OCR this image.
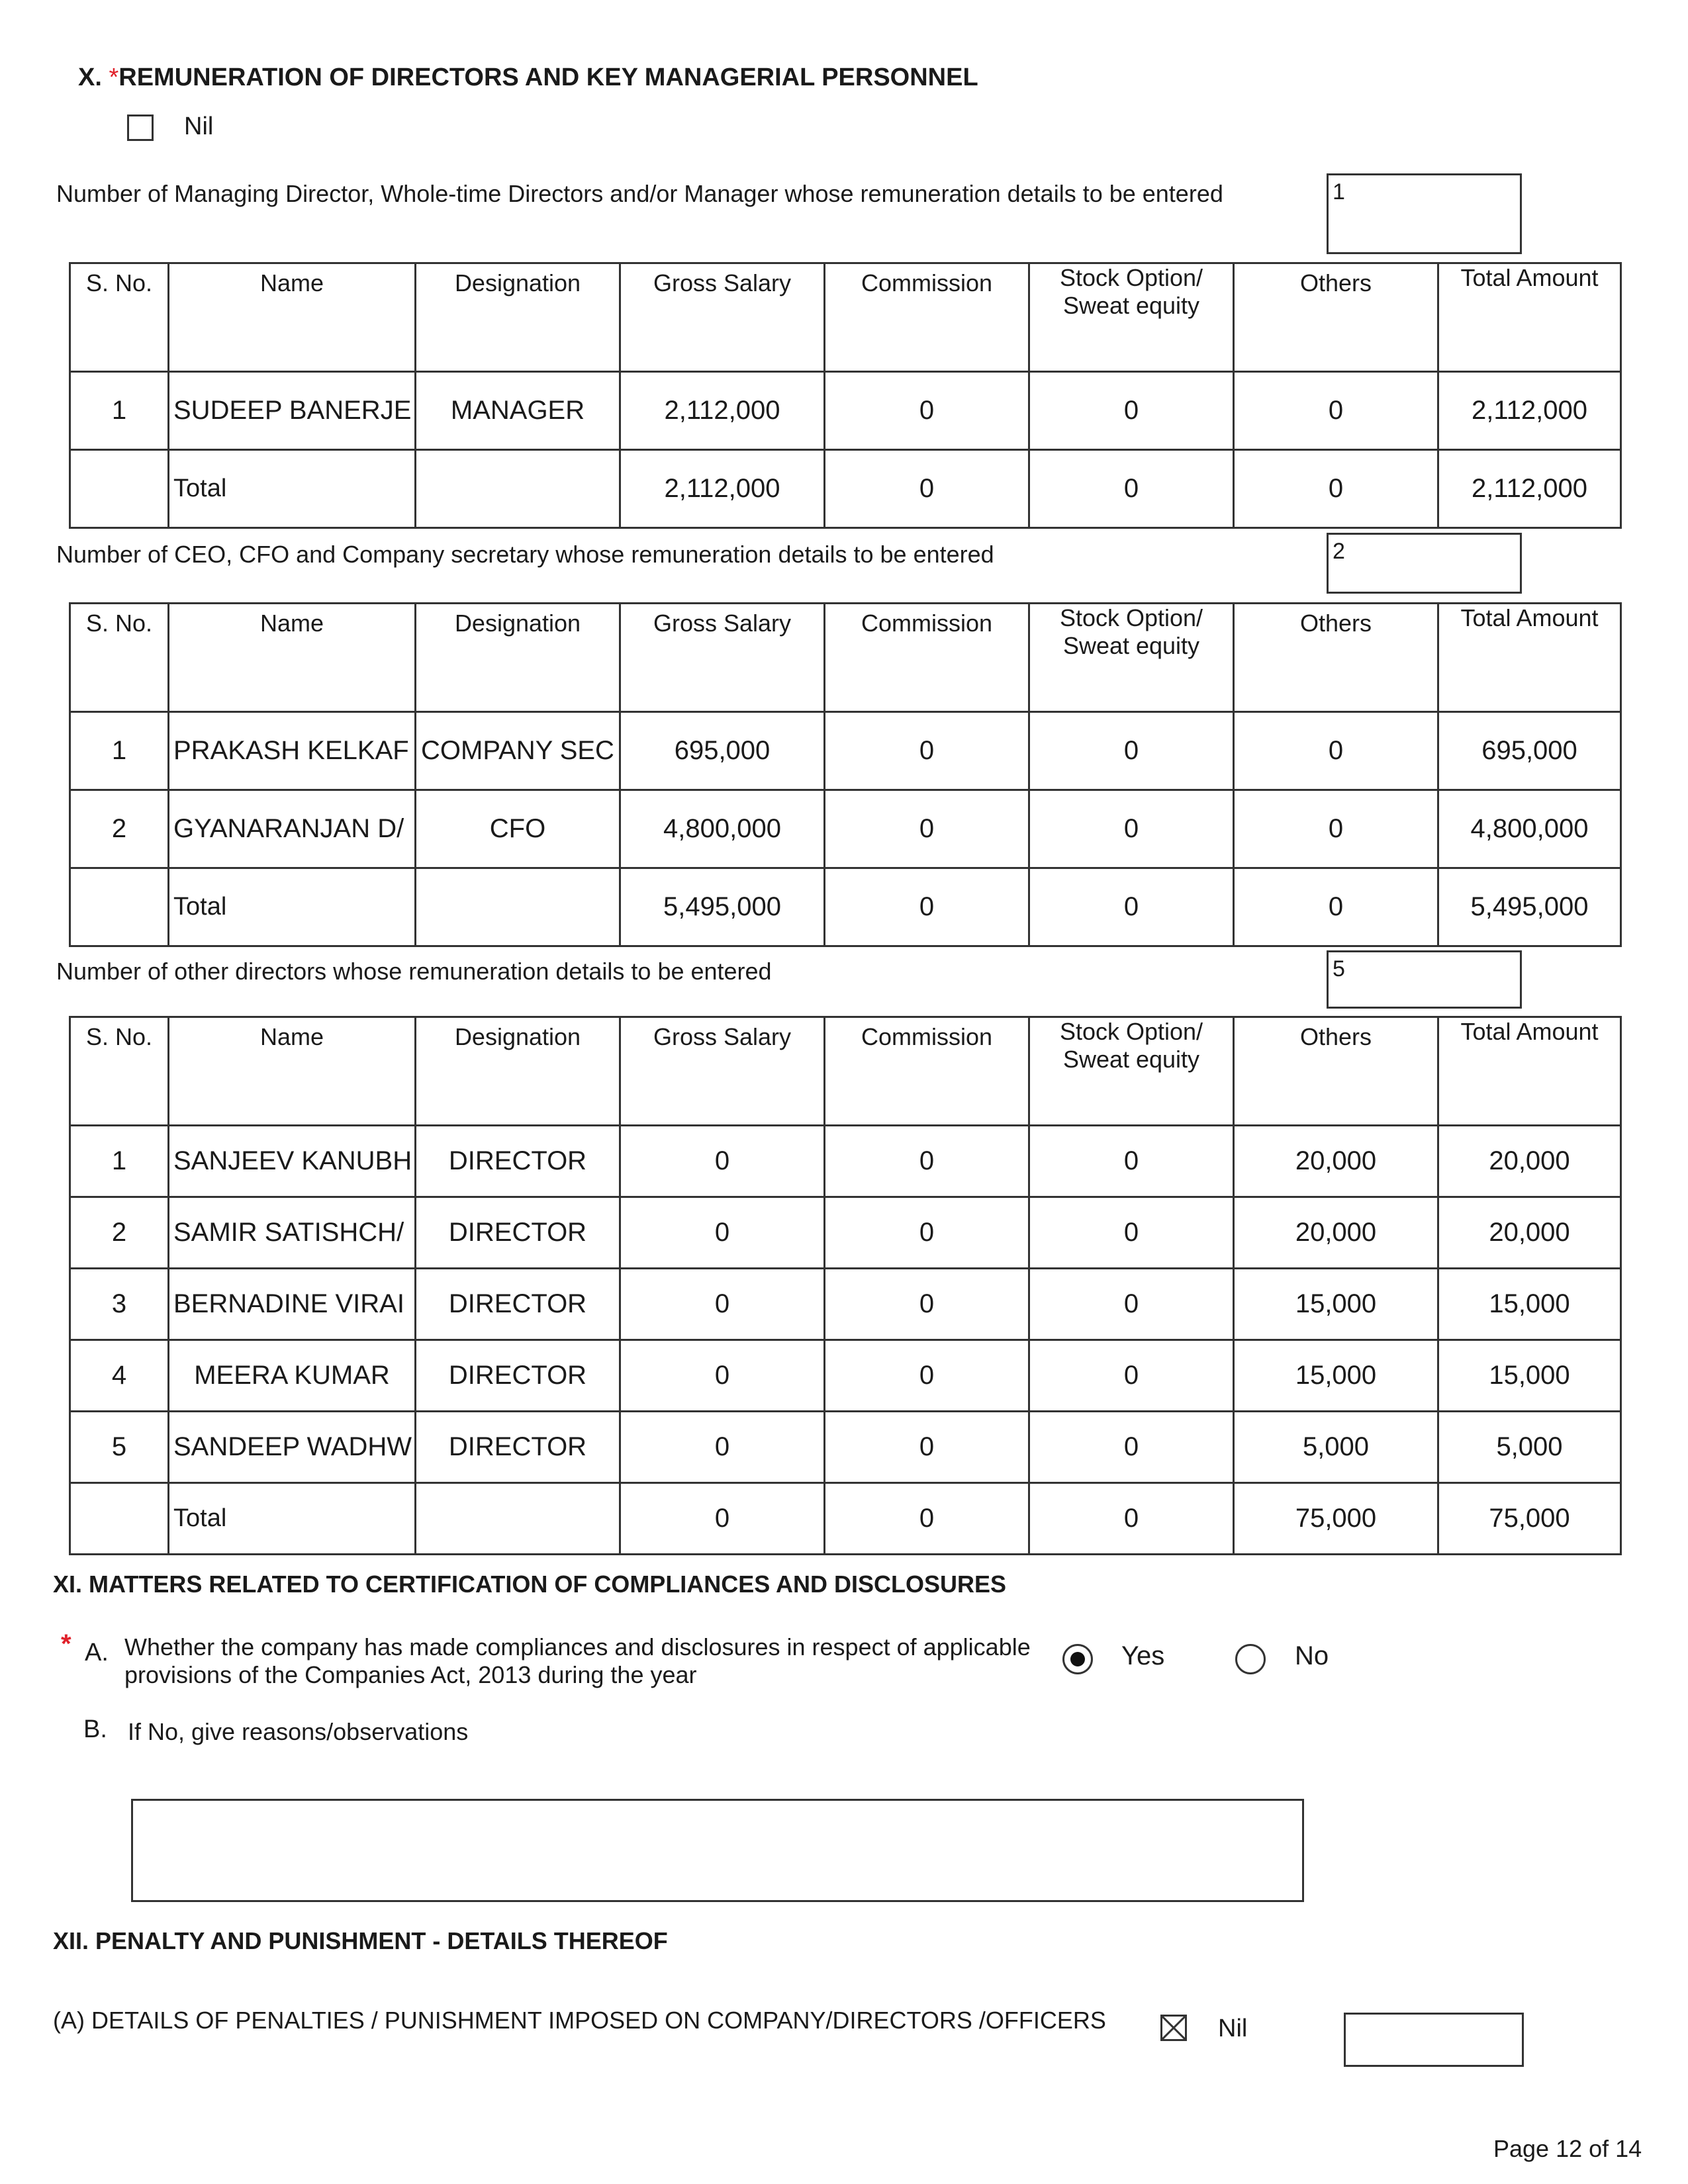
X. *REMUNERATION OF DIRECTORS AND KEY MANAGERIAL PERSONNEL
Nil
Number of Managing Director, Whole-time Directors and/or Manager whose remuneration details to be entered	1
S. No.	Name	Designation	Gross Salary	Commission	Stock Option/ Sweat equity	Others	Total Amount
1	SUDEEP BANERJE	MANAGER	2,112,000	0	0	0	2,112,000
	Total		2,112,000	0	0	0	2,112,000
Number of CEO, CFO and Company secretary whose remuneration details to be entered	2
S. No.	Name	Designation	Gross Salary	Commission	Stock Option/ Sweat equity	Others	Total Amount
1	PRAKASH KELKAF	COMPANY SEC	695,000	0	0	0	695,000
2	GYANARANJAN D/	CFO	4,800,000	0	0	0	4,800,000
	Total		5,495,000	0	0	0	5,495,000
Number of other directors whose remuneration details to be entered	5
S. No.	Name	Designation	Gross Salary	Commission	Stock Option/ Sweat equity	Others	Total Amount
1	SANJEEV KANUBH	DIRECTOR	0	0	0	20,000	20,000
2	SAMIR SATISHCH/	DIRECTOR	0	0	0	20,000	20,000
3	BERNADINE VIRAI	DIRECTOR	0	0	0	15,000	15,000
4	MEERA KUMAR	DIRECTOR	0	0	0	15,000	15,000
5	SANDEEP WADHW	DIRECTOR	0	0	0	5,000	5,000
	Total		0	0	0	75,000	75,000
XI. MATTERS RELATED TO CERTIFICATION OF COMPLIANCES AND DISCLOSURES
* A. Whether the company has made compliances and disclosures in respect of applicable
provisions of the Companies Act, 2013 during the year
Yes	No
B. If No, give reasons/observations
XII. PENALTY AND PUNISHMENT - DETAILS THEREOF
(A) DETAILS OF PENALTIES / PUNISHMENT IMPOSED ON COMPANY/DIRECTORS /OFFICERS	Nil
Page 12 of 14
